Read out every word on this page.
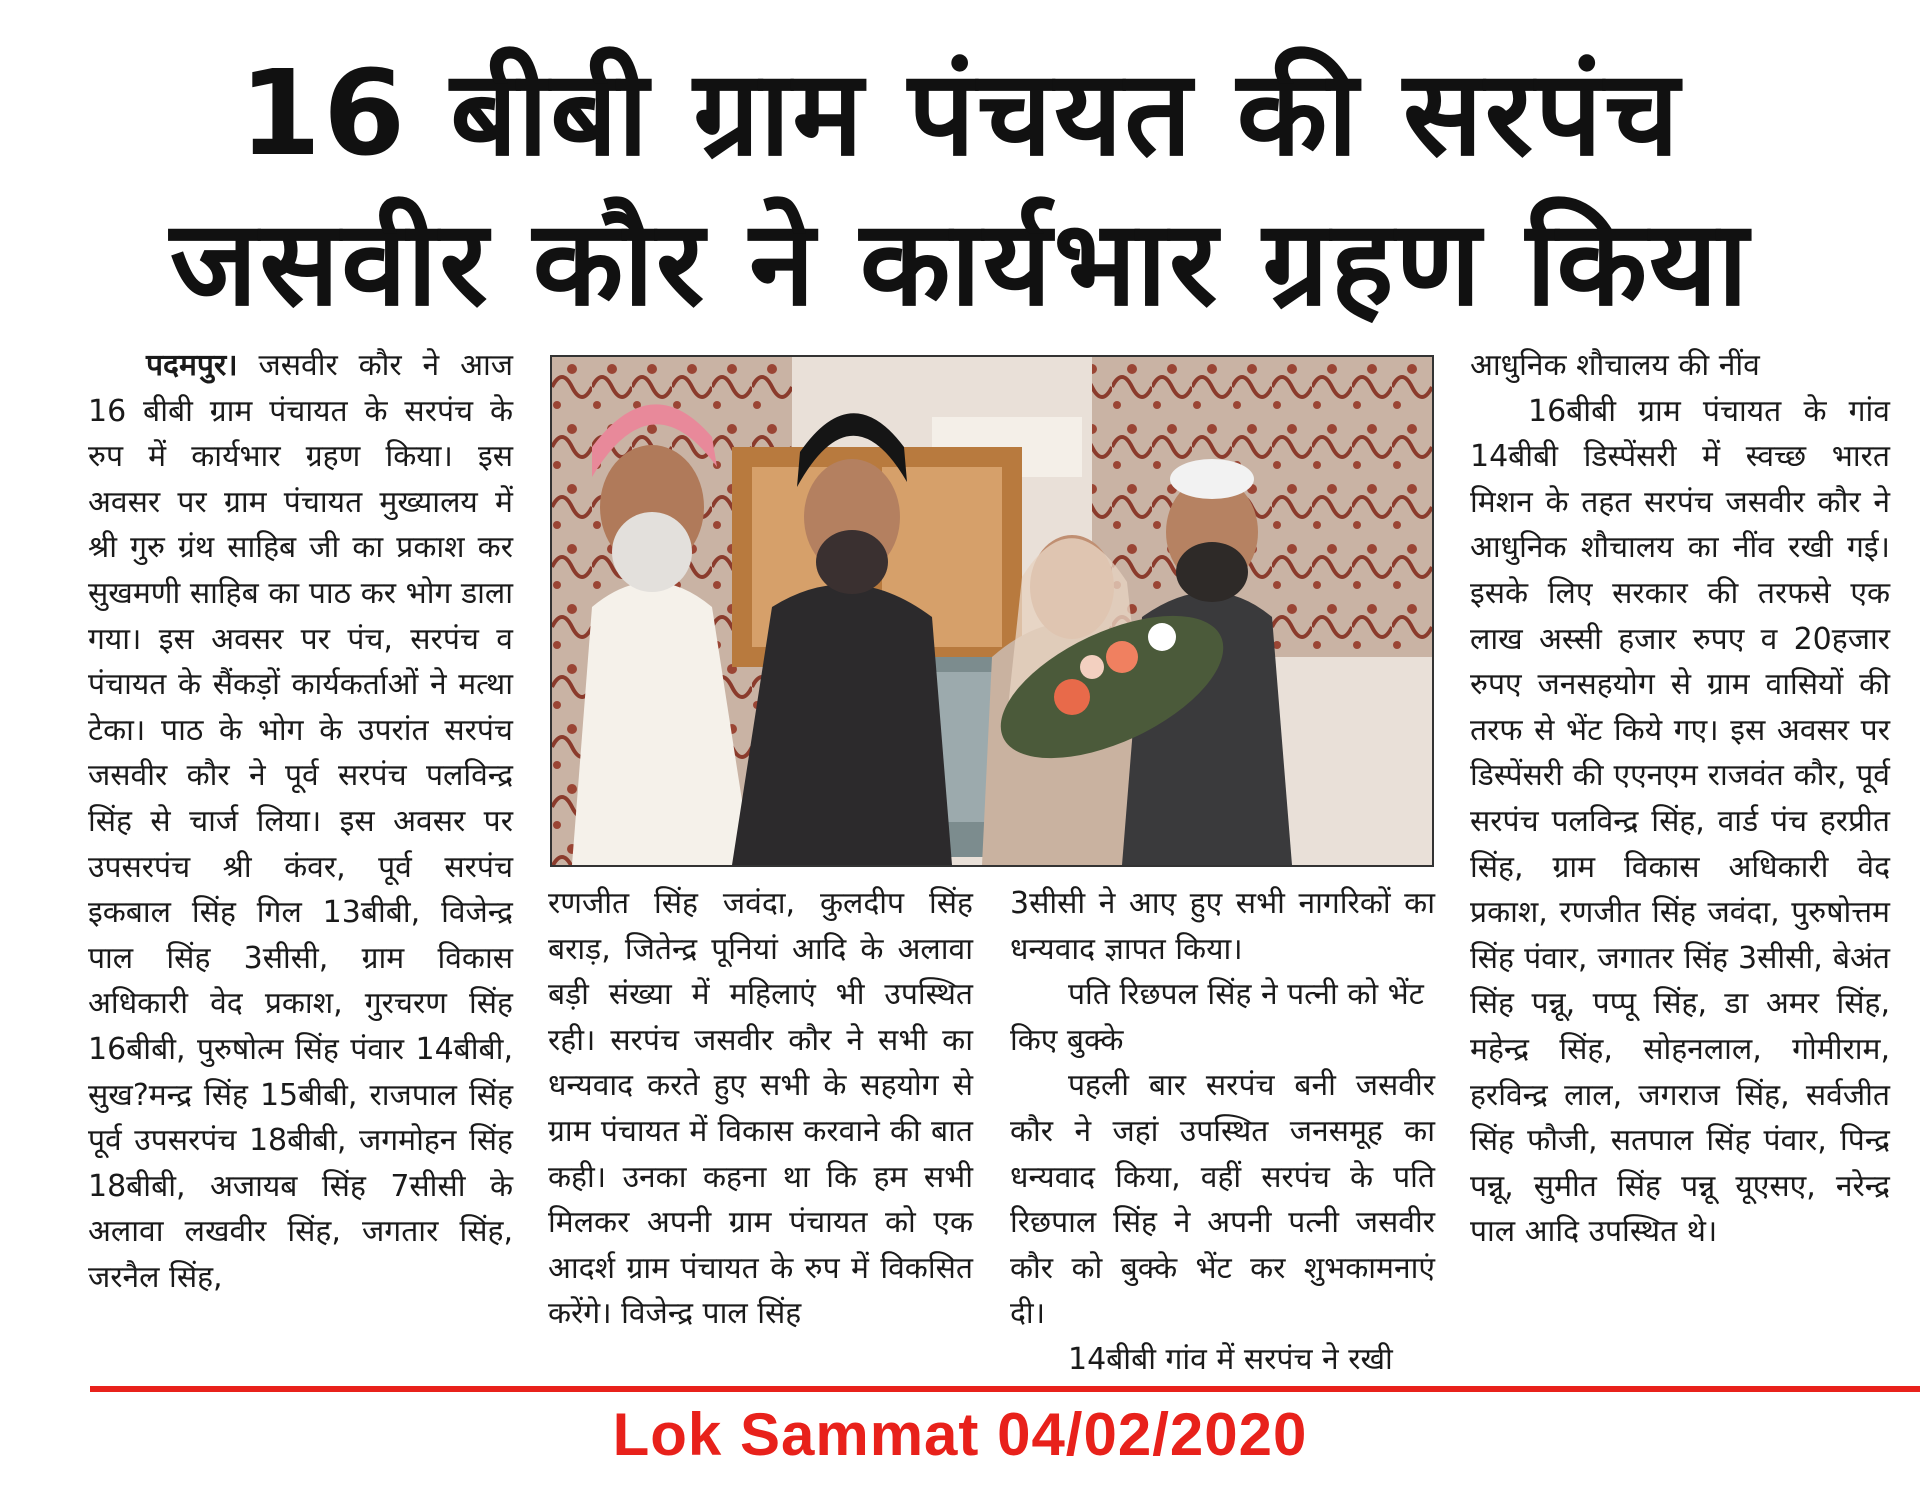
16 बीबी ग्राम पंचयत की सरपंच
जसवीर कौर ने कार्यभार ग्रहण किया

पदमपुर। जसवीर कौर ने आज 16 बीबी ग्राम पंचायत के सरपंच के रुप में कार्यभार ग्रहण किया। इस अवसर पर ग्राम पंचायत मुख्यालय में श्री गुरु ग्रंथ साहिब जी का प्रकाश कर सुखमणी साहिब का पाठ कर भोग डाला गया। इस अवसर पर पंच, सरपंच व पंचायत के सैंकड़ों कार्यकर्ताओं ने मत्था टेका। पाठ के भोग के उपरांत सरपंच जसवीर कौर ने पूर्व सरपंच पलविन्द्र सिंह से चार्ज लिया। इस अवसर पर उपसरपंच श्री कंवर, पूर्व सरपंच इकबाल सिंह गिल 13बीबी, विजेन्द्र पाल सिंह 3सीसी, ग्राम विकास अधिकारी वेद प्रकाश, गुरचरण सिंह 16बीबी, पुरुषोत्म सिंह पंवार 14बीबी, सुख?मन्द्र सिंह 15बीबी, राजपाल सिंह पूर्व उपसरपंच 18बीबी, जगमोहन सिंह 18बीबी, अजायब सिंह 7सीसी के अलावा लखवीर सिंह, जगतार सिंह, जरनैल सिंह,

रणजीत सिंह जवंदा, कुलदीप सिंह बराड़, जितेन्द्र पूनियां आदि के अलावा बड़ी संख्या में महिलाएं भी उपस्थित रही। सरपंच जसवीर कौर ने सभी का धन्यवाद करते हुए सभी के सहयोग से ग्राम पंचायत में विकास करवाने की बात कही। उनका कहना था कि हम सभी मिलकर अपनी ग्राम पंचायत को एक आदर्श ग्राम पंचायत के रुप में विकसित करेंगे। विजेन्द्र पाल सिंह

3सीसी ने आए हुए सभी नागरिकों का धन्यवाद ज्ञापत किया।

पति रिछपल सिंह ने पत्नी को भेंट किए बुक्के

पहली बार सरपंच बनी जसवीर कौर ने जहां उपस्थित जनसमूह का धन्यवाद किया, वहीं सरपंच के पति रिछपाल सिंह ने अपनी पत्नी जसवीर कौर को बुक्के भेंट कर शुभकामनाएं दी।

14बीबी गांव में सरपंच ने रखी

आधुनिक शौचालय की नींव

16बीबी ग्राम पंचायत के गांव 14बीबी डिस्पेंसरी में स्वच्छ भारत मिशन के तहत सरपंच जसवीर कौर ने आधुनिक शौचालय का नींव रखी गई। इसके लिए सरकार की तरफसे एक लाख अस्सी हजार रुपए व 20हजार रुपए जनसहयोग से ग्राम वासियों की तरफ से भेंट किये गए। इस अवसर पर डिस्पेंसरी की एएनएम राजवंत कौर, पूर्व सरपंच पलविन्द्र सिंह, वार्ड पंच हरप्रीत सिंह, ग्राम विकास अधिकारी वेद प्रकाश, रणजीत सिंह जवंदा, पुरुषोत्तम सिंह पंवार, जगातर सिंह 3सीसी, बेअंत सिंह पन्नू, पप्पू सिंह, डा अमर सिंह, महेन्द्र सिंह, सोहनलाल, गोमीराम, हरविन्द्र लाल, जगराज सिंह, सर्वजीत सिंह फौजी, सतपाल सिंह पंवार, पिन्द्र पन्नू, सुमीत सिंह पन्नू यूएसए, नरेन्द्र पाल आदि उपस्थित थे।

Lok Sammat 04/02/2020
